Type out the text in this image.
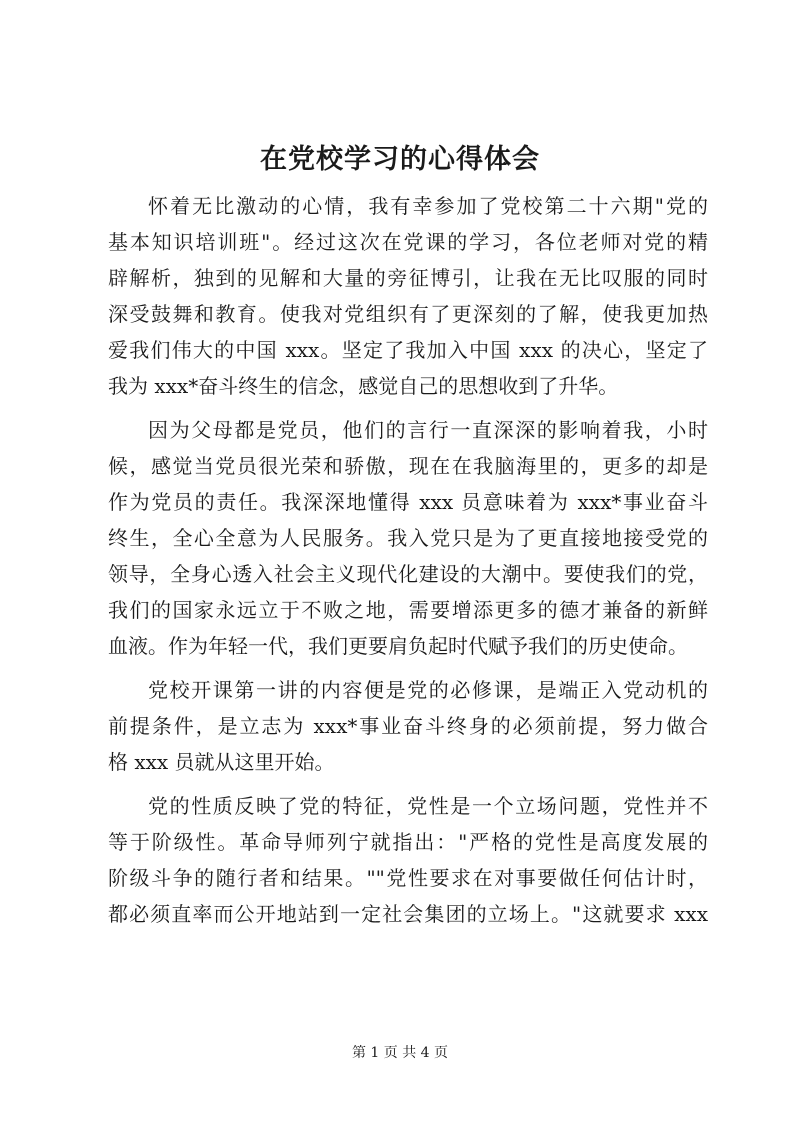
在党校学习的心得体会
怀着无比激动的心情，我有幸参加了党校第二十六期"党的
基本知识培训班"。经过这次在党课的学习，各位老师对党的精
辟解析，独到的见解和大量的旁征博引，让我在无比叹服的同时
深受鼓舞和教育。使我对党组织有了更深刻的了解，使我更加热
爱我们伟大的中国 xxx。坚定了我加入中国 xxx 的决心，坚定了
我为 xxx*奋斗终生的信念，感觉自己的思想收到了升华。
因为父母都是党员，他们的言行一直深深的影响着我，小时
候，感觉当党员很光荣和骄傲，现在在我脑海里的，更多的却是
作为党员的责任。我深深地懂得 xxx 员意味着为 xxx*事业奋斗
终生，全心全意为人民服务。我入党只是为了更直接地接受党的
领导，全身心透入社会主义现代化建设的大潮中。要使我们的党，
我们的国家永远立于不败之地，需要增添更多的德才兼备的新鲜
血液。作为年轻一代，我们更要肩负起时代赋予我们的历史使命。
党校开课第一讲的内容便是党的必修课，是端正入党动机的
前提条件，是立志为 xxx*事业奋斗终身的必须前提，努力做合
格 xxx 员就从这里开始。
党的性质反映了党的特征，党性是一个立场问题，党性并不
等于阶级性。革命导师列宁就指出："严格的党性是高度发展的
阶级斗争的随行者和结果。""党性要求在对事要做任何估计时，
都必须直率而公开地站到一定社会集团的立场上。"这就要求 xxx
第 1 页 共 4 页
